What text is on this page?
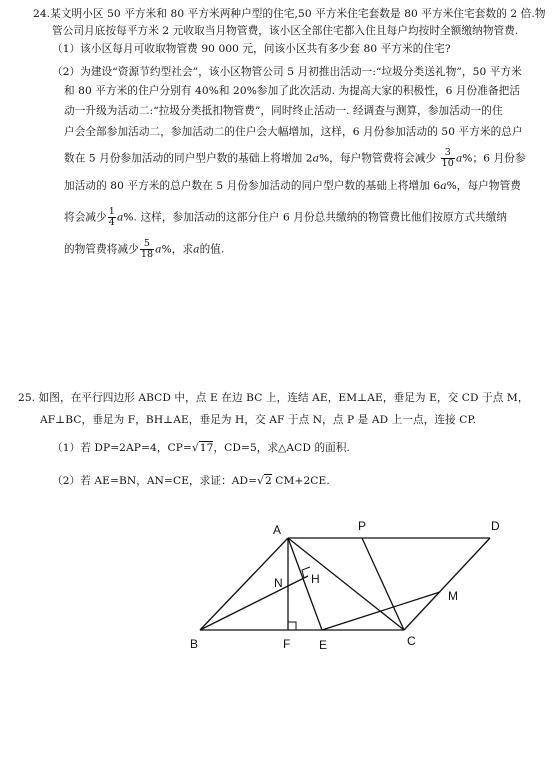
24.某文明小区 50 平方米和 80 平方米两种户型的住宅,50 平方米住宅套数是 80 平方米住宅套数的 2 倍.物
管公司月底按每平方米 2 元收取当月物管费，该小区全部住宅都入住且每户均按时全额缴纳物管费.
（1）该小区每月可收取物管费 90 000 元，问该小区共有多少套 80 平方米的住宅?
（2）为建设“资源节约型社会”，该小区物管公司 5 月初推出活动一:“垃圾分类送礼物”，50 平方米
和 80 平方米的住户分别有 40%和 20%参加了此次活动. 为提高大家的积极性，6 月份准备把活
动一升级为活动二:“拉圾分类抵扣物管费”，同时终止活动一. 经调查与测算，参加活动一的住
户会全部参加活动二，参加活动二的住户会大幅增加，这样，6 月份参加活动的 50 平方米的总户
数在 5 月份参加活动的同户型户数的基础上将增加 2a%，每户物管费将会减少 $\frac{3}{10} a\%$；6 月份参
加活动的 80 平方米的总户数在 5 月份参加活动的同户型户数的基础上将增加 6a%，每户物管费
将会减少 $\frac{1}{4} a\%$. 这样，参加活动的这部分住户 6 月份总共缴纳的物管费比他们按原方式共缴纳
的物管费将减少 $\frac{5}{18} a\%$，求a的值.
25. 如图，在平行四边形 ABCD 中，点 E 在边 BC 上，连结 AE，EM⊥AE，垂足为 E，交 CD 于点 M，
AF⊥BC，垂足为 F，BH⊥AE，垂足为 H，交 AF 于点 N，点 P 是 AD 上一点，连接 CP.
（1）若 DP=2AP=4，CP=√17，CD=5，求△ACD 的面积.
（2）若 AE=BN，AN=CE，求证：AD=√2 CM+2CE.
A	P	D
N H
M
B	F E	C
